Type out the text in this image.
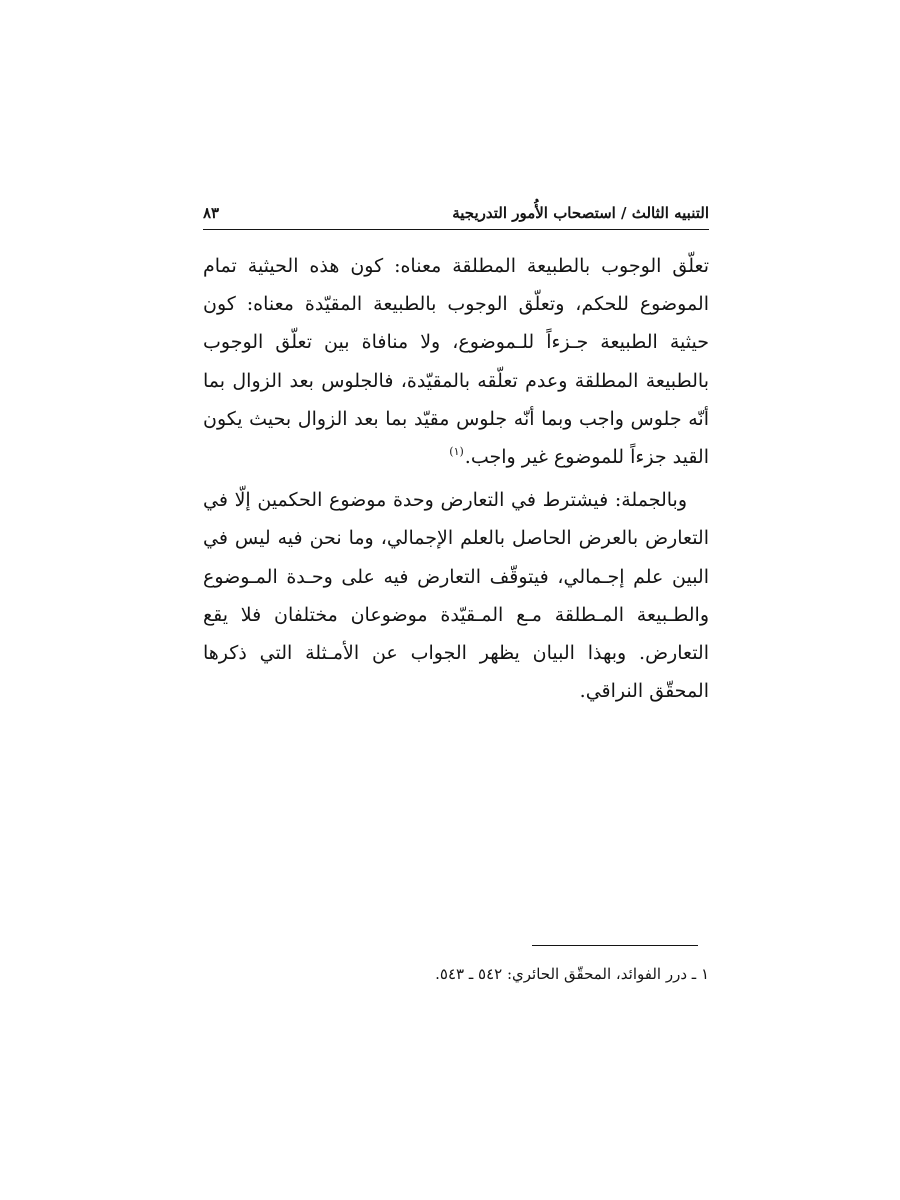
التنبيه الثالث / استصحاب الأُمور التدريجية
٨٣

تعلّق الوجوب بالطبيعة المطلقة معناه: كون هذه الحيثية تمام الموضوع للحكم، وتعلّق الوجوب بالطبيعة المقيّدة معناه: كون حيثية الطبيعة جـزءاً للـموضوع، ولا منافاة بين تعلّق الوجوب بالطبيعة المطلقة وعدم تعلّقه بالمقيّدة، فالجلوس بعد الزوال بما أنّه جلوس واجب وبما أنّه جلوس مقيّد بما بعد الزوال بحيث يكون القيد جزءاً للموضوع غير واجب.$^{(١)}$

وبالجملة: فيشترط في التعارض وحدة موضوع الحكمين إلّا في التعارض بالعرض الحاصل بالعلم الإجمالي، وما نحن فيه ليس في البين علم إجـمالي، فيتوقّف التعارض فيه على وحـدة المـوضوع والطـبيعة المـطلقة مـع المـقيّدة موضوعان مختلفان فلا يقع التعارض. وبهذا البيان يظهر الجواب عن الأمـثلة التي ذكرها المحقّق النراقي.

١ ـ درر الفوائد، المحقّق الحائري: ٥٤٢ ـ ٥٤٣.
